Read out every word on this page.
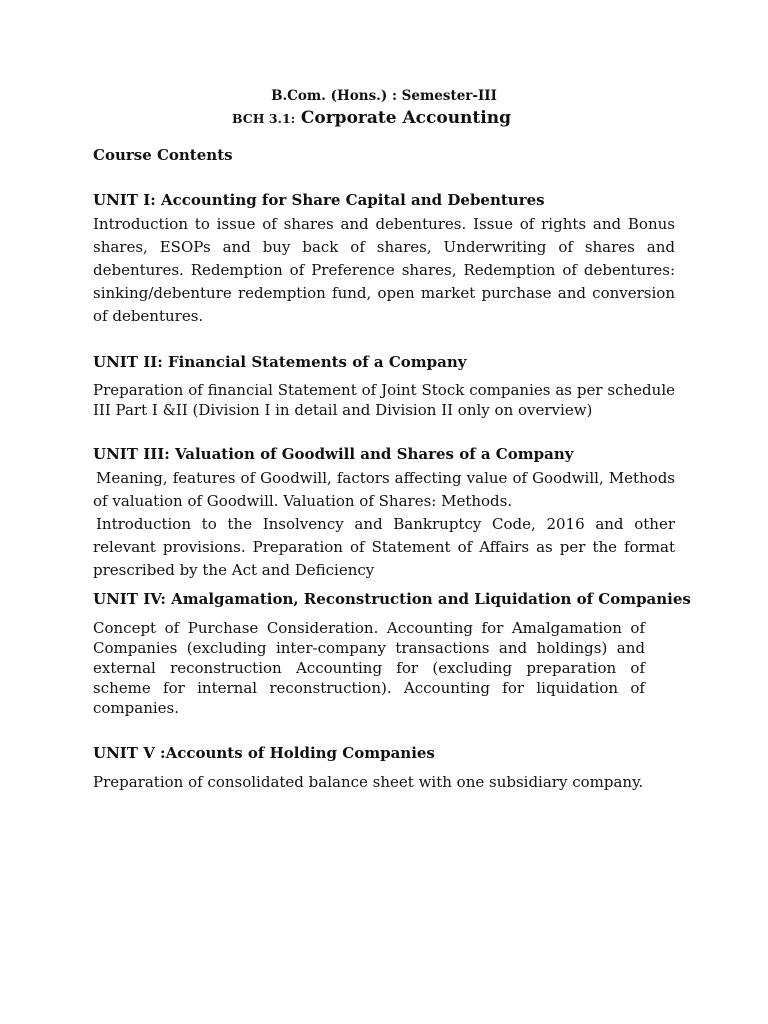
B.Com. (Hons.) : Semester-III
BCH 3.1: Corporate Accounting
Course Contents
UNIT I: Accounting for Share Capital and Debentures
Introduction to issue of shares and debentures. Issue of rights and Bonus shares, ESOPs and buy back of shares, Underwriting of shares and debentures. Redemption of Preference shares, Redemption of debentures: sinking/debenture redemption fund, open market purchase and conversion of debentures.
UNIT II: Financial Statements of a Company
Preparation of financial Statement of Joint Stock companies as per schedule III Part I &II (Division I in detail and Division II only on overview)
UNIT III: Valuation of Goodwill and Shares of a Company
Meaning, features of Goodwill, factors affecting value of Goodwill, Methods of valuation of Goodwill. Valuation of Shares: Methods.
Introduction to the Insolvency and Bankruptcy Code, 2016 and other relevant provisions. Preparation of Statement of Affairs as per the format prescribed by the Act and Deficiency
UNIT IV: Amalgamation, Reconstruction and Liquidation of Companies
Concept of Purchase Consideration. Accounting for Amalgamation of Companies (excluding inter-company transactions and holdings) and external reconstruction Accounting for (excluding preparation of scheme for internal reconstruction). Accounting for liquidation of companies.
UNIT V :Accounts of Holding Companies
Preparation of consolidated balance sheet with one subsidiary company.
